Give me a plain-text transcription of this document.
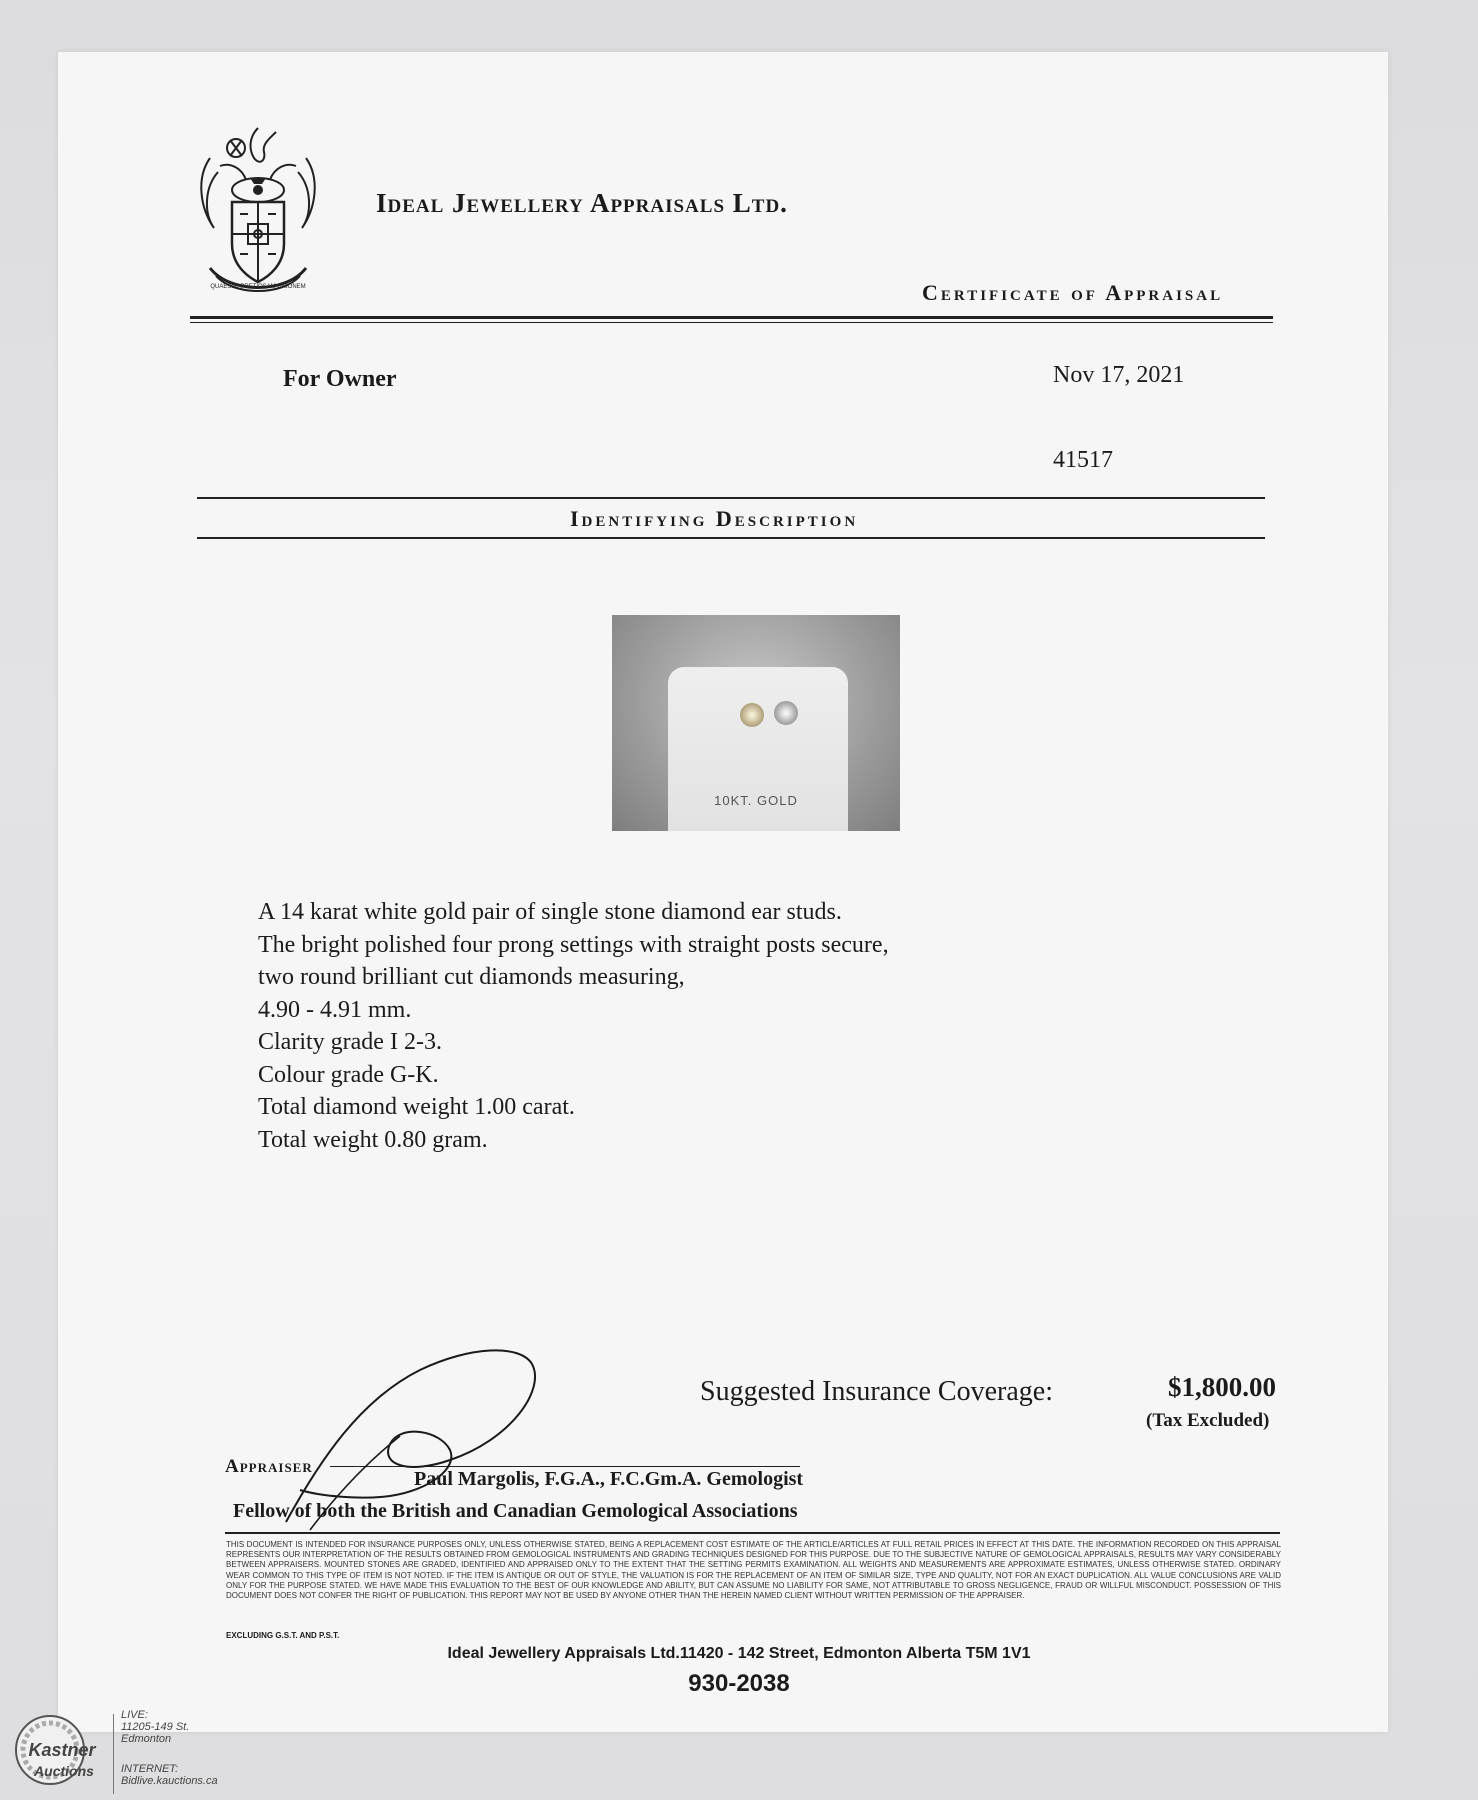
QUAESIVI PRETIOSAM UNIONEM
Ideal Jewellery Appraisals Ltd.
Certificate of Appraisal
For Owner	Nov 17, 2021
41517
Identifying Description
10KT. GOLD
A 14 karat white gold pair of single stone diamond ear studs.
The bright polished four prong settings with straight posts secure,
two round brilliant cut diamonds measuring,
4.90 - 4.91 mm.
Clarity grade I 2-3.
Colour grade G-K.
Total diamond weight 1.00 carat.
Total weight 0.80 gram.
Suggested Insurance Coverage:	$1,800.00
(Tax Excluded)
Appraiser
Paul Margolis, F.G.A., F.C.Gm.A. Gemologist
Fellow of both the British and Canadian Gemological Associations
THIS DOCUMENT IS INTENDED FOR INSURANCE PURPOSES ONLY, UNLESS OTHERWISE STATED, BEING A REPLACEMENT COST ESTIMATE OF THE ARTICLE/ARTICLES AT FULL RETAIL PRICES IN EFFECT AT THIS DATE. THE INFORMATION RECORDED ON THIS APPRAISAL REPRESENTS OUR INTERPRETATION OF THE RESULTS OBTAINED FROM GEMOLOGICAL INSTRUMENTS AND GRADING TECHNIQUES DESIGNED FOR THIS PURPOSE. DUE TO THE SUBJECTIVE NATURE OF GEMOLOGICAL APPRAISALS, RESULTS MAY VARY CONSIDERABLY BETWEEN APPRAISERS. MOUNTED STONES ARE GRADED, IDENTIFIED AND APPRAISED ONLY TO THE EXTENT THAT THE SETTING PERMITS EXAMINATION. ALL WEIGHTS AND MEASUREMENTS ARE APPROXIMATE ESTIMATES, UNLESS OTHERWISE STATED. ORDINARY WEAR COMMON TO THIS TYPE OF ITEM IS NOT NOTED. IF THE ITEM IS ANTIQUE OR OUT OF STYLE, THE VALUATION IS FOR THE REPLACEMENT OF AN ITEM OF SIMILAR SIZE, TYPE AND QUALITY, NOT FOR AN EXACT DUPLICATION. ALL VALUE CONCLUSIONS ARE VALID ONLY FOR THE PURPOSE STATED. WE HAVE MADE THIS EVALUATION TO THE BEST OF OUR KNOWLEDGE AND ABILITY, BUT CAN ASSUME NO LIABILITY FOR SAME, NOT ATTRIBUTABLE TO GROSS NEGLIGENCE, FRAUD OR WILLFUL MISCONDUCT. POSSESSION OF THIS DOCUMENT DOES NOT CONFER THE RIGHT OF PUBLICATION. THIS REPORT MAY NOT BE USED BY ANYONE OTHER THAN THE HEREIN NAMED CLIENT WITHOUT WRITTEN PERMISSION OF THE APPRAISER.
EXCLUDING G.S.T. AND P.S.T.
Ideal Jewellery Appraisals Ltd.11420 - 142 Street, Edmonton Alberta T5M 1V1
930-2038
Kastner
Auctions
LIVE:
11205-149 St.
Edmonton
INTERNET:
Bidlive.kauctions.ca
